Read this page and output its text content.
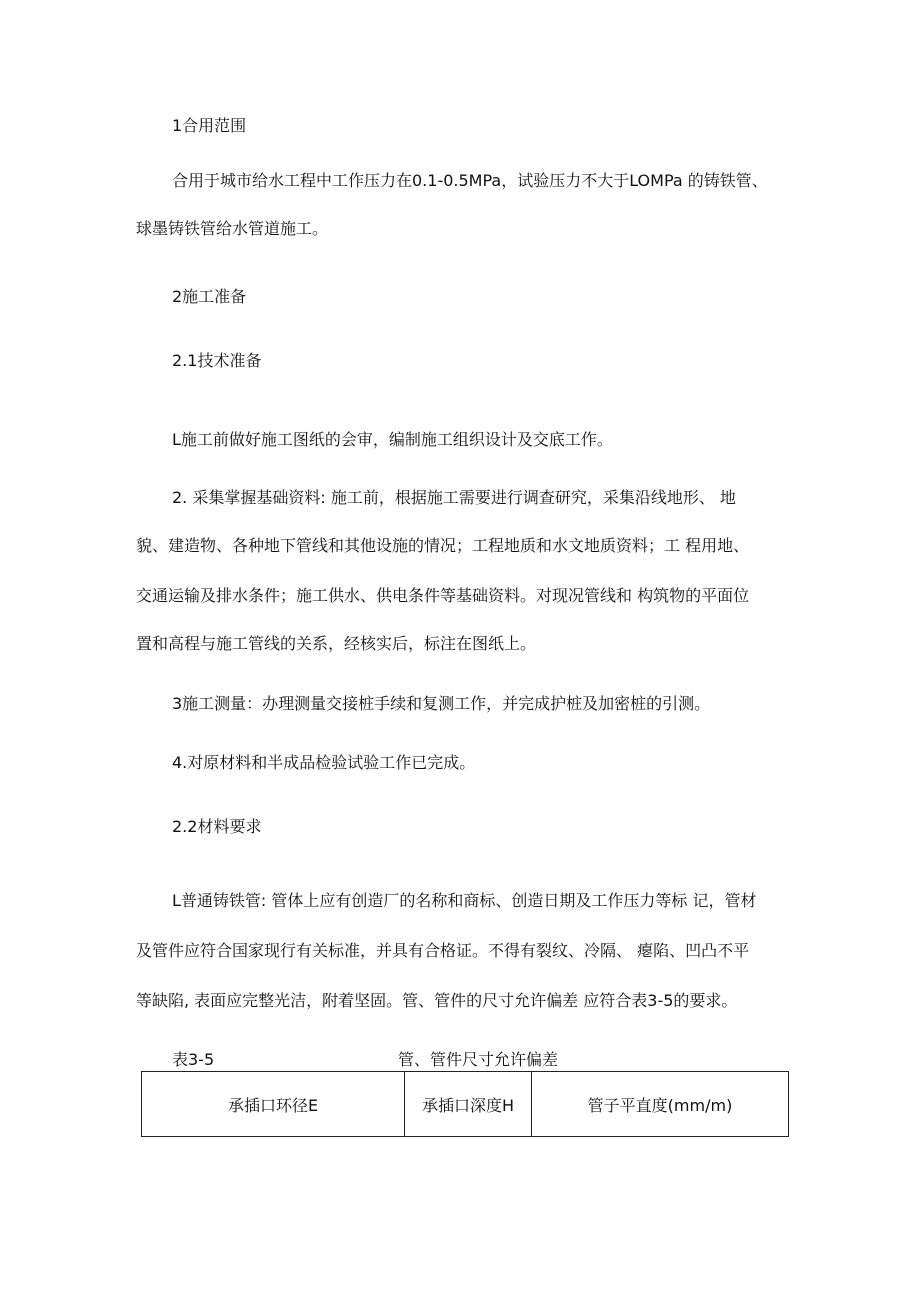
1合用范围

合用于城市给水工程中工作压力在0.1-0.5MPa，试验压力不大于LOMPa 的铸铁管、

球墨铸铁管给水管道施工。

2施工准备

2.1技术准备

L施工前做好施工图纸的会审，编制施工组织设计及交底工作。

2. 采集掌握基础资料: 施工前，根据施工需要进行调查研究，采集沿线地形、 地

貌、建造物、各种地下管线和其他设施的情况；工程地质和水文地质资料；工 程用地、

交通运输及排水条件；施工供水、供电条件等基础资料。对现况管线和 构筑物的平面位

置和高程与施工管线的关系，经核实后，标注在图纸上。

3施工测量：办理测量交接桩手续和复测工作，并完成护桩及加密桩的引测。

4.对原材料和半成品检验试验工作已完成。

2.2材料要求

L普通铸铁管: 管体上应有创造厂的名称和商标、创造日期及工作压力等标 记，管材

及管件应符合国家现行有关标准，并具有合格证。不得有裂纹、冷隔、 瘪陷、凹凸不平

等缺陷, 表面应完整光洁，附着坚固。管、管件的尺寸允许偏差 应符合表3-5的要求。

表3-5	管、管件尺寸允许偏差
承插口环径E	承插口深度H	管子平直度(mm/m)
